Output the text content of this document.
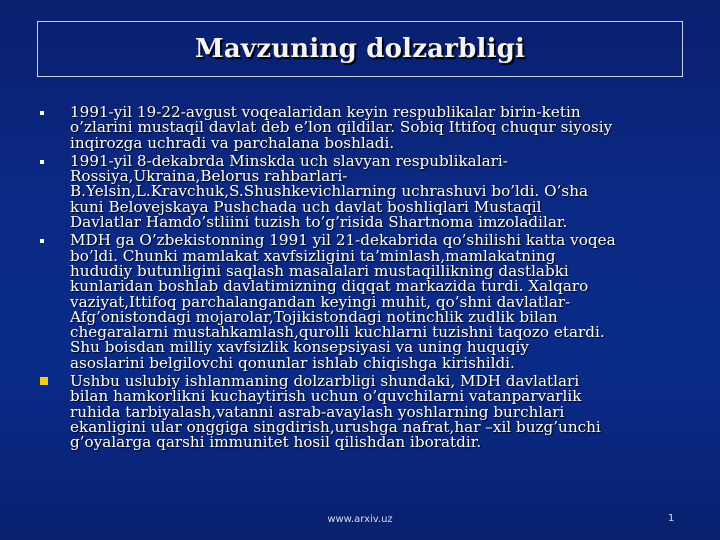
Mavzuning dolzarbligi
1991-yil 19-22-avgust voqealaridan keyin respublikalar birin-ketin
o’zlarini mustaqil davlat deb e’lon qildilar. Sobiq Ittifoq chuqur siyosiy
inqirozga uchradi va parchalana boshladi.
1991-yil 8-dekabrda Minskda uch slavyan respublikalari-
Rossiya,Ukraina,Belorus rahbarlari-
B.Yelsin,L.Kravchuk,S.Shushkevichlarning uchrashuvi bo’ldi. O’sha
kuni Belovejskaya Pushchada uch davlat boshliqlari Mustaqil
Davlatlar Hamdo’stliini tuzish to’g’risida Shartnoma imzoladilar.
MDH ga O’zbekistonning 1991 yil 21-dekabrida qo’shilishi katta voqea
bo’ldi. Chunki mamlakat xavfsizligini ta’minlash,mamlakatning
hududiy butunligini saqlash masalalari mustaqillikning dastlabki
kunlaridan boshlab davlatimizning diqqat markazida turdi. Xalqaro
vaziyat,Ittifoq parchalangandan keyingi muhit, qo’shni davlatlar-
Afg’onistondagi mojarolar,Tojikistondagi notinchlik zudlik bilan
chegaralarni mustahkamlash,qurolli kuchlarni tuzishni taqozo etardi.
Shu boisdan milliy xavfsizlik konsepsiyasi va uning huquqiy
asoslarini belgilovchi qonunlar ishlab chiqishga kirishildi.
Ushbu uslubiy ishlanmaning dolzarbligi shundaki, MDH davlatlari
bilan hamkorlikni kuchaytirish uchun o’quvchilarni vatanparvarlik
ruhida tarbiyalash,vatanni asrab-avaylash yoshlarning burchlari
ekanligini ular onggiga singdirish,urushga nafrat,har –xil buzg’unchi
g’oyalarga qarshi immunitet hosil qilishdan iboratdir.
www.arxiv.uz	1
